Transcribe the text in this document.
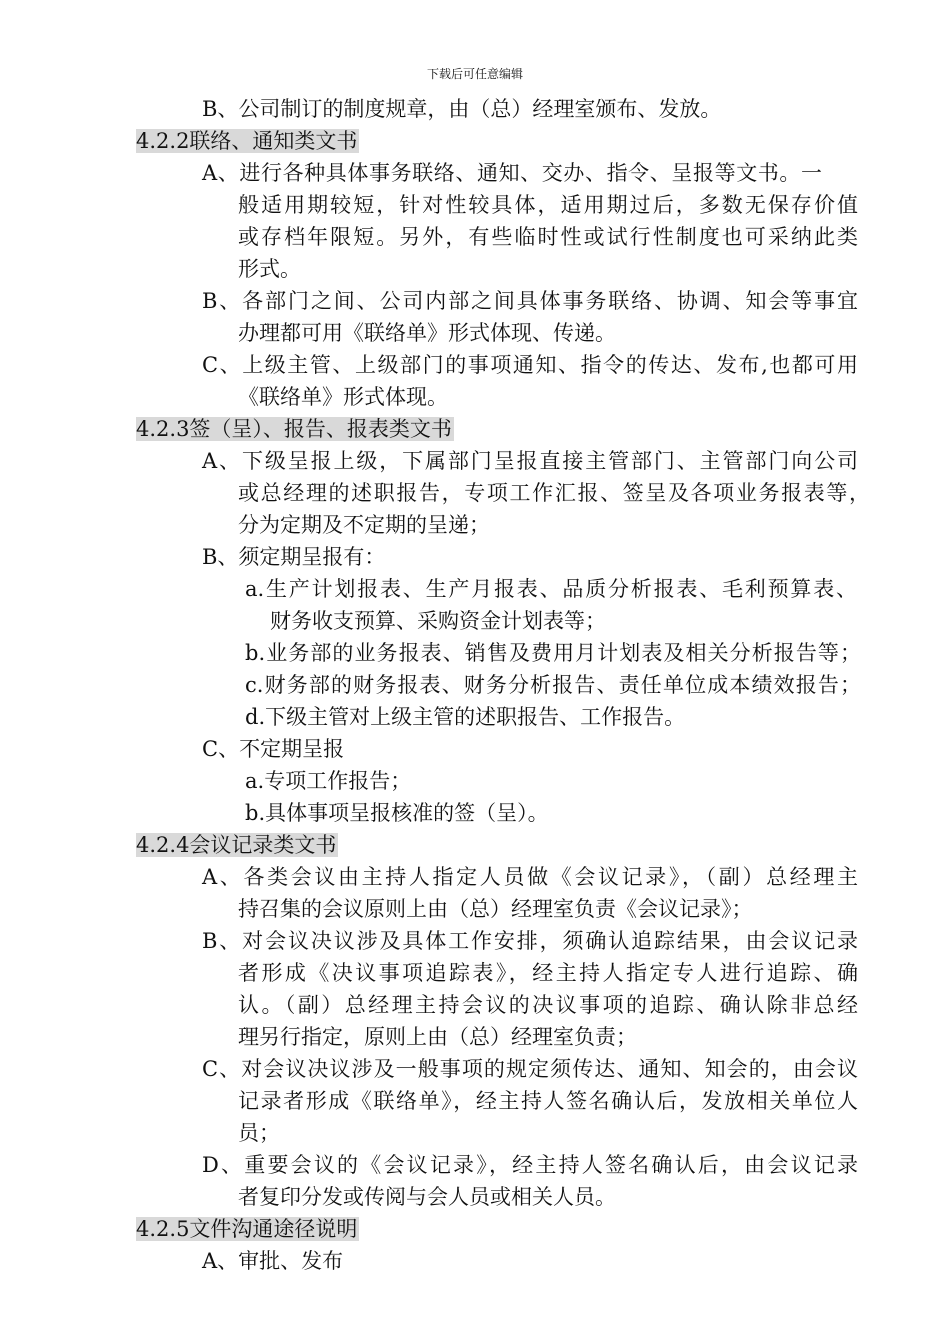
下载后可任意编辑
B、公司制订的制度规章，由（总）经理室颁布、发放。
4.2.2联络、通知类文书
A、进行各种具体事务联络、通知、交办、指令、呈报等文书。一
般适用期较短，针对性较具体，适用期过后，多数无保存价值
或存档年限短。另外，有些临时性或试行性制度也可采纳此类
形式。
B、各部门之间、公司内部之间具体事务联络、协调、知会等事宜
办理都可用《联络单》形式体现、传递。
C、上级主管、上级部门的事项通知、指令的传达、发布,也都可用
《联络单》形式体现。
4.2.3签（呈）、报告、报表类文书
A、下级呈报上级，下属部门呈报直接主管部门、主管部门向公司
或总经理的述职报告，专项工作汇报、签呈及各项业务报表等，
分为定期及不定期的呈递；
B、须定期呈报有：
a.生产计划报表、生产月报表、品质分析报表、毛利预算表、
财务收支预算、采购资金计划表等；
b.业务部的业务报表、销售及费用月计划表及相关分析报告等；
c.财务部的财务报表、财务分析报告、责任单位成本绩效报告；
d.下级主管对上级主管的述职报告、工作报告。
C、不定期呈报
a.专项工作报告；
b.具体事项呈报核准的签（呈）。
4.2.4会议记录类文书
A、各类会议由主持人指定人员做《会议记录》，（副）总经理主
持召集的会议原则上由（总）经理室负责《会议记录》；
B、对会议决议涉及具体工作安排，须确认追踪结果，由会议记录
者形成《决议事项追踪表》，经主持人指定专人进行追踪、确
认。（副）总经理主持会议的决议事项的追踪、确认除非总经
理另行指定，原则上由（总）经理室负责；
C、对会议决议涉及一般事项的规定须传达、通知、知会的，由会议
记录者形成《联络单》，经主持人签名确认后，发放相关单位人
员；
D、重要会议的《会议记录》，经主持人签名确认后，由会议记录
者复印分发或传阅与会人员或相关人员。
4.2.5文件沟通途径说明
A、审批、发布
